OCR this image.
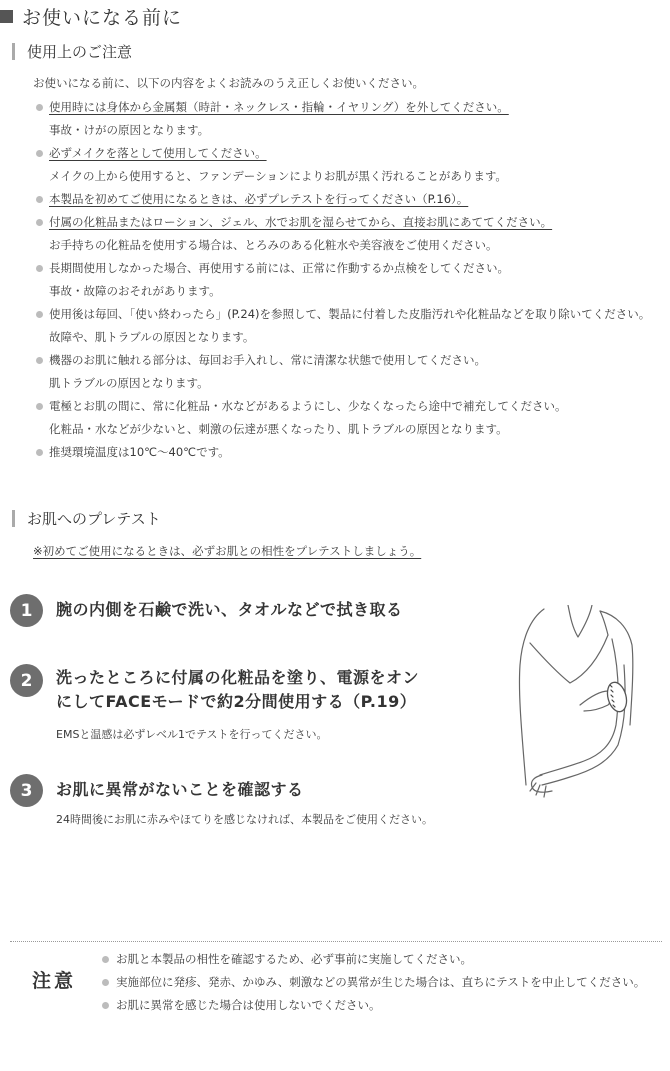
お使いになる前に
使用上のご注意
お使いになる前に、以下の内容をよくお読みのうえ正しくお使いください。
使用時には身体から金属類（時計・ネックレス・指輪・イヤリング）を外してください。
事故・けがの原因となります。
必ずメイクを落として使用してください。
メイクの上から使用すると、ファンデーションによりお肌が黒く汚れることがあります。
本製品を初めてご使用になるときは、必ずプレテストを行ってください（P.16）。
付属の化粧品またはローション、ジェル、水でお肌を湿らせてから、直接お肌にあててください。
お手持ちの化粧品を使用する場合は、とろみのある化粧水や美容液をご使用ください。
長期間使用しなかった場合、再使用する前には、正常に作動するか点検をしてください。
事故・故障のおそれがあります。
使用後は毎回、「使い終わったら」(P.24)を参照して、製品に付着した皮脂汚れや化粧品などを取り除いてください。
故障や、肌トラブルの原因となります。
機器のお肌に触れる部分は、毎回お手入れし、常に清潔な状態で使用してください。
肌トラブルの原因となります。
電極とお肌の間に、常に化粧品・水などがあるようにし、少なくなったら途中で補充してください。
化粧品・水などが少ないと、刺激の伝達が悪くなったり、肌トラブルの原因となります。
推奨環境温度は10℃〜40℃です。
お肌へのプレテスト
※初めてご使用になるときは、必ずお肌との相性をプレテストしましょう。
1	腕の内側を石鹸で洗い、タオルなどで拭き取る
2	洗ったところに付属の化粧品を塗り、電源をオン
にしてFACEモードで約2分間使用する（P.19）
EMSと温感は必ずレベル1でテストを行ってください。
3	お肌に異常がないことを確認する
24時間後にお肌に赤みやほてりを感じなければ、本製品をご使用ください。
注意
お肌と本製品の相性を確認するため、必ず事前に実施してください。
実施部位に発疹、発赤、かゆみ、刺激などの異常が生じた場合は、直ちにテストを中止してください。
お肌に異常を感じた場合は使用しないでください。
